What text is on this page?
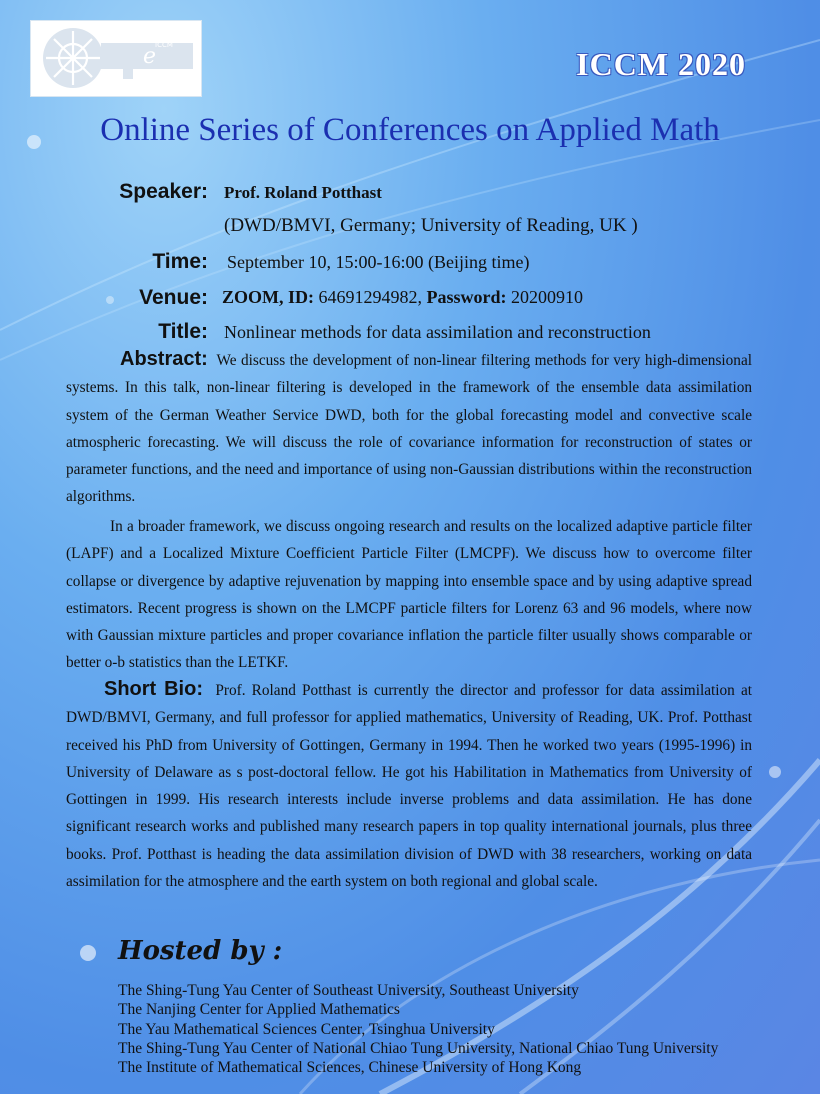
e
ICCM
ICCM 2020
Online Series of Conferences on Applied Math
Speaker: Prof. Roland Potthast
(DWD/BMVI, Germany; University of Reading, UK )
Time: September 10, 15:00-16:00 (Beijing time)
Venue: ZOOM, ID: 64691294982, Password: 20200910
Title: Nonlinear methods for data assimilation and reconstruction
Abstract: We discuss the development of non-linear filtering methods for very high-dimensional systems. In this talk, non-linear filtering is developed in the framework of the ensemble data assimilation system of the German Weather Service DWD, both for the global forecasting model and convective scale atmospheric forecasting. We will discuss the role of covariance information for reconstruction of states or parameter functions, and the need and importance of using non-Gaussian distributions within the reconstruction algorithms.
In a broader framework, we discuss ongoing research and results on the localized adaptive particle filter (LAPF) and a Localized Mixture Coefficient Particle Filter (LMCPF). We discuss how to overcome filter collapse or divergence by adaptive rejuvenation by mapping into ensemble space and by using adaptive spread estimators. Recent progress is shown on the LMCPF particle filters for Lorenz 63 and 96 models, where now with Gaussian mixture particles and proper covariance inflation the particle filter usually shows comparable or better o-b statistics than the LETKF.
Short Bio: Prof. Roland Potthast is currently the director and professor for data assimilation at DWD/BMVI, Germany, and full professor for applied mathematics, University of Reading, UK. Prof. Potthast received his PhD from University of Gottingen, Germany in 1994. Then he worked two years (1995-1996) in University of Delaware as s post-doctoral fellow. He got his Habilitation in Mathematics from University of Gottingen in 1999. His research interests include inverse problems and data assimilation. He has done significant research works and published many research papers in top quality international journals, plus three books. Prof. Potthast is heading the data assimilation division of DWD with 38 researchers, working on data assimilation for the atmosphere and the earth system on both regional and global scale.
Hosted by :
The Shing-Tung Yau Center of Southeast University, Southeast University
The Nanjing Center for Applied Mathematics
The Yau Mathematical Sciences Center, Tsinghua University
The Shing-Tung Yau Center of National Chiao Tung University, National Chiao Tung University
The Institute of Mathematical Sciences, Chinese University of Hong Kong
